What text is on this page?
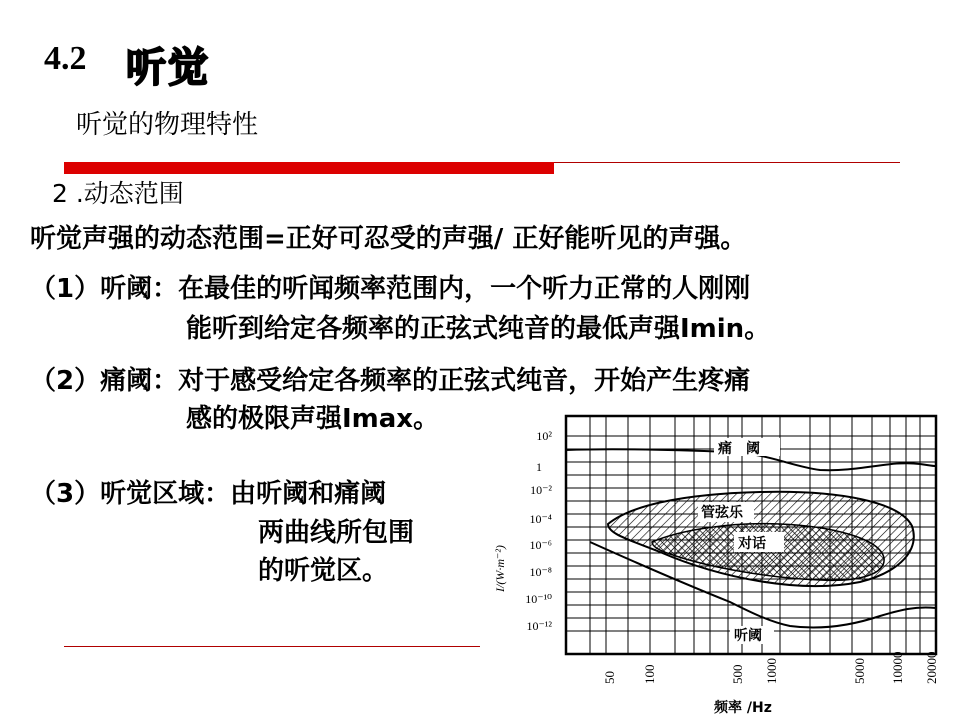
4.2 听觉
听觉的物理特性
2 .动态范围
听觉声强的动态范围=正好可忍受的声强/ 正好能听见的声强。
（1）听阈：在最佳的听闻频率范围内，一个听力正常的人刚刚
能听到给定各频率的正弦式纯音的最低声强Imin。
（2）痛阈：对于感受给定各频率的正弦式纯音，开始产生疼痛
感的极限声强Imax。
（3）听觉区域：由听阈和痛阈
两曲线所包围
的听觉区。
管弦乐
对话
痛　阈
听阈
10²
1
10⁻²
10⁻⁴
10⁻⁶
10⁻⁸
10⁻¹⁰
10⁻¹²
I/(W·m⁻²)
50 100	500 1000	5000 10000 20000
频率 /Hz
